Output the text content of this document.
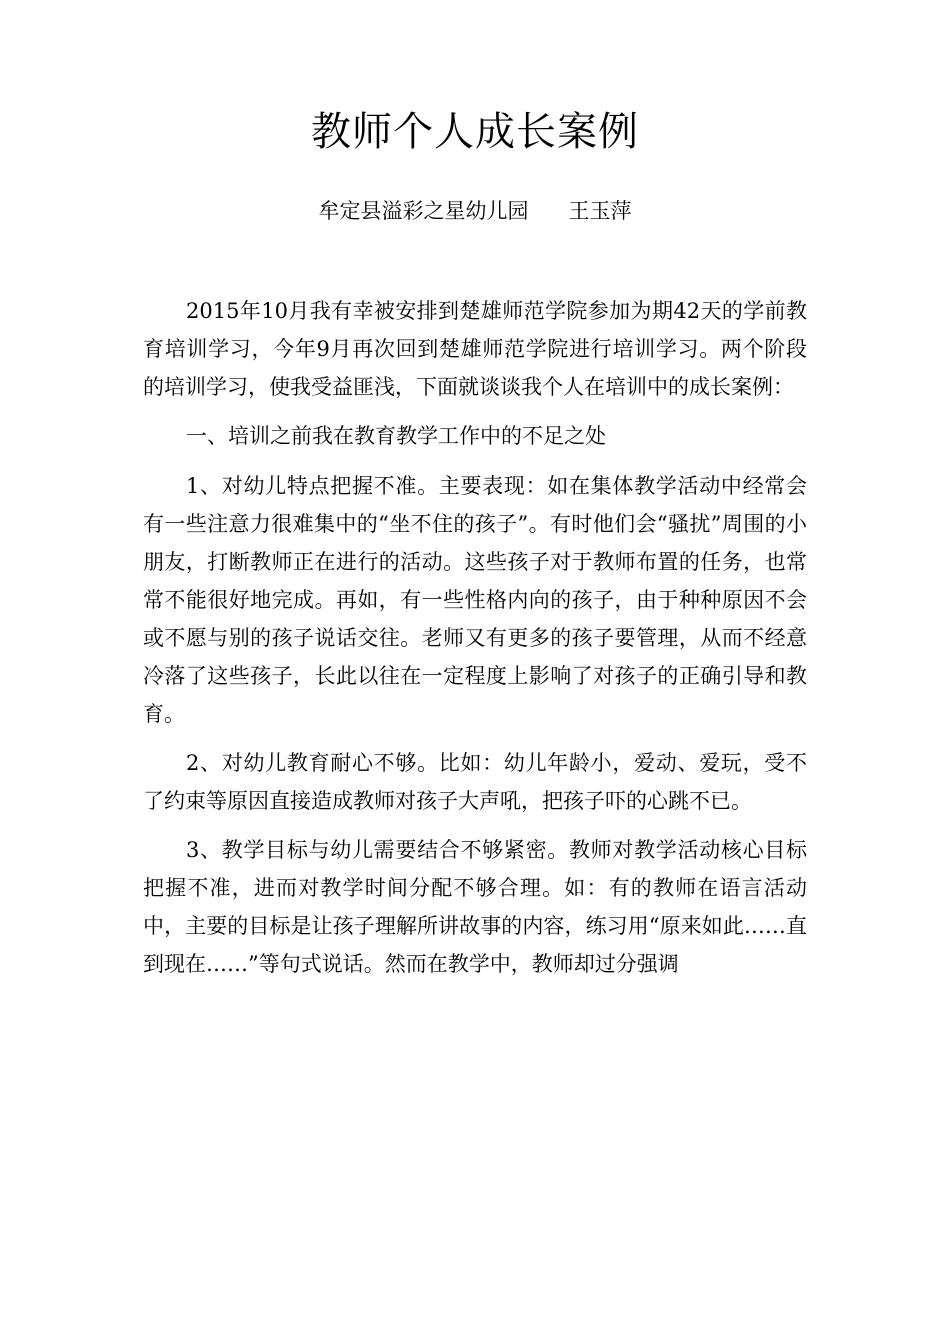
教师个人成长案例
牟定县溢彩之星幼儿园      王玉萍

2015年10月我有幸被安排到楚雄师范学院参加为期42天的学前教育培训学习，今年9月再次回到楚雄师范学院进行培训学习。两个阶段的培训学习，使我受益匪浅，下面就谈谈我个人在培训中的成长案例：

一、培训之前我在教育教学工作中的不足之处

1、对幼儿特点把握不准。主要表现：如在集体教学活动中经常会有一些注意力很难集中的“坐不住的孩子”。有时他们会“骚扰”周围的小朋友，打断教师正在进行的活动。这些孩子对于教师布置的任务，也常常不能很好地完成。再如，有一些性格内向的孩子，由于种种原因不会或不愿与别的孩子说话交往。老师又有更多的孩子要管理，从而不经意冷落了这些孩子，长此以往在一定程度上影响了对孩子的正确引导和教育。

2、对幼儿教育耐心不够。比如：幼儿年龄小，爱动、爱玩，受不了约束等原因直接造成教师对孩子大声吼，把孩子吓的心跳不已。

3、教学目标与幼儿需要结合不够紧密。教师对教学活动核心目标把握不准，进而对教学时间分配不够合理。如：有的教师在语言活动中，主要的目标是让孩子理解所讲故事的内容，练习用“原来如此……直到现在……”等句式说话。然而在教学中，教师却过分强调
